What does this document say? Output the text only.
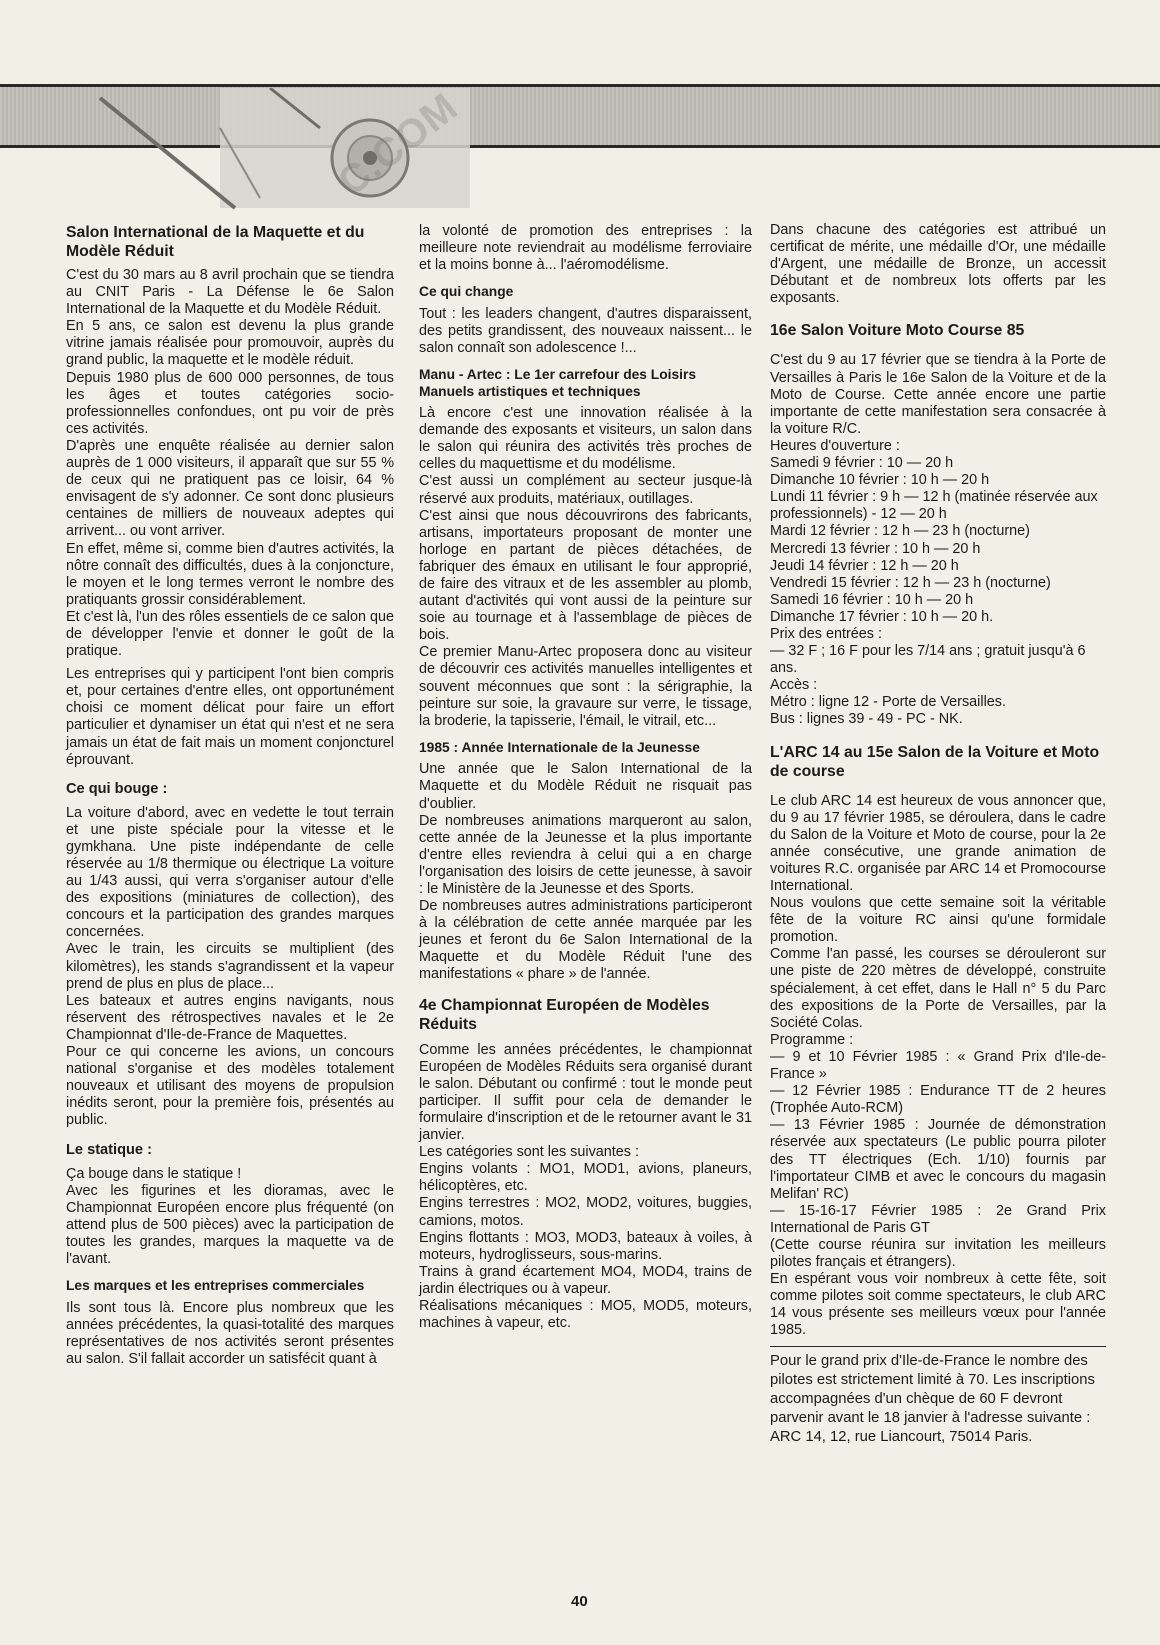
C.COM
Salon International de la Maquette et du Modèle Réduit

C'est du 30 mars au 8 avril prochain que se tiendra au CNIT Paris - La Défense le 6e Salon International de la Maquette et du Modèle Réduit.

En 5 ans, ce salon est devenu la plus grande vitrine jamais réalisée pour promouvoir, auprès du grand public, la maquette et le modèle réduit.

Depuis 1980 plus de 600 000 personnes, de tous les âges et toutes catégories socio-professionnelles confondues, ont pu voir de près ces activités.

D'après une enquête réalisée au dernier salon auprès de 1 000 visiteurs, il apparaît que sur 55 % de ceux qui ne pratiquent pas ce loisir, 64 % envisagent de s'y adonner. Ce sont donc plusieurs centaines de milliers de nouveaux adeptes qui arrivent... ou vont arriver.

En effet, même si, comme bien d'autres activités, la nôtre connaît des difficultés, dues à la conjoncture, le moyen et le long termes verront le nombre des pratiquants grossir considérablement.

Et c'est là, l'un des rôles essentiels de ce salon que de développer l'envie et donner le goût de la pratique.

Les entreprises qui y participent l'ont bien compris et, pour certaines d'entre elles, ont opportunément choisi ce moment délicat pour faire un effort particulier et dynamiser un état qui n'est et ne sera jamais un état de fait mais un moment conjoncturel éprouvant.

Ce qui bouge :

La voiture d'abord, avec en vedette le tout terrain et une piste spéciale pour la vitesse et le gymkhana. Une piste indépendante de celle réservée au 1/8 thermique ou électrique La voiture au 1/43 aussi, qui verra s'organiser autour d'elle des expositions (miniatures de collection), des concours et la participation des grandes marques concernées.

Avec le train, les circuits se multiplient (des kilomètres), les stands s'agrandissent et la vapeur prend de plus en plus de place...

Les bateaux et autres engins navigants, nous réservent des rétrospectives navales et le 2e Championnat d'Ile-de-France de Maquettes.

Pour ce qui concerne les avions, un concours national s'organise et des modèles totalement nouveaux et utilisant des moyens de propulsion inédits seront, pour la première fois, présentés au public.

Le statique :

Ça bouge dans le statique !

Avec les figurines et les dioramas, avec le Championnat Européen encore plus fréquenté (on attend plus de 500 pièces) avec la participation de toutes les grandes, marques la maquette va de l'avant.

Les marques et les entreprises commerciales

Ils sont tous là. Encore plus nombreux que les années précédentes, la quasi-totalité des marques représentatives de nos activités seront présentes au salon. S'il fallait accorder un satisfécit quant à

la volonté de promotion des entreprises : la meilleure note reviendrait au modélisme ferroviaire et la moins bonne à... l'aéromodélisme.

Ce qui change

Tout : les leaders changent, d'autres disparaissent, des petits grandissent, des nouveaux naissent... le salon connaît son adolescence !...

Manu - Artec : Le 1er carrefour des Loisirs Manuels artistiques et techniques

Là encore c'est une innovation réalisée à la demande des exposants et visiteurs, un salon dans le salon qui réunira des activités très proches de celles du maquettisme et du modélisme.

C'est aussi un complément au secteur jusque-là réservé aux produits, matériaux, outillages.

C'est ainsi que nous découvrirons des fabricants, artisans, importateurs proposant de monter une horloge en partant de pièces détachées, de fabriquer des émaux en utilisant le four approprié, de faire des vitraux et de les assembler au plomb, autant d'activités qui vont aussi de la peinture sur soie au tournage et à l'assemblage de pièces de bois.

Ce premier Manu-Artec proposera donc au visiteur de découvrir ces activités manuelles intelligentes et souvent méconnues que sont : la sérigraphie, la peinture sur soie, la gravaure sur verre, le tissage, la broderie, la tapisserie, l'émail, le vitrail, etc...

1985 : Année Internationale de la Jeunesse

Une année que le Salon International de la Maquette et du Modèle Réduit ne risquait pas d'oublier.

De nombreuses animations marqueront au salon, cette année de la Jeunesse et la plus importante d'entre elles reviendra à celui qui a en charge l'organisation des loisirs de cette jeunesse, à savoir : le Ministère de la Jeunesse et des Sports.

De nombreuses autres administrations participeront à la célébration de cette année marquée par les jeunes et feront du 6e Salon International de la Maquette et du Modèle Réduit l'une des manifestations « phare » de l'année.

4e Championnat Européen de Modèles Réduits

Comme les années précédentes, le championnat Européen de Modèles Réduits sera organisé durant le salon. Débutant ou confirmé : tout le monde peut participer. Il suffit pour cela de demander le formulaire d'inscription et de le retourner avant le 31 janvier.

Les catégories sont les suivantes :

Engins volants : MO1, MOD1, avions, planeurs, hélicoptères, etc.

Engins terrestres : MO2, MOD2, voitures, buggies, camions, motos.

Engins flottants : MO3, MOD3, bateaux à voiles, à moteurs, hydroglisseurs, sous-marins.

Trains à grand écartement MO4, MOD4, trains de jardin électriques ou à vapeur.

Réalisations mécaniques : MO5, MOD5, moteurs, machines à vapeur, etc.

Dans chacune des catégories est attribué un certificat de mérite, une médaille d'Or, une médaille d'Argent, une médaille de Bronze, un accessit Débutant et de nombreux lots offerts par les exposants.

16e Salon Voiture Moto Course 85

C'est du 9 au 17 février que se tiendra à la Porte de Versailles à Paris le 16e Salon de la Voiture et de la Moto de Course. Cette année encore une partie importante de cette manifestation sera consacrée à la voiture R/C.

Heures d'ouverture :
Samedi 9 février : 10 — 20 h
Dimanche 10 février : 10 h — 20 h
Lundi 11 février : 9 h — 12 h (matinée réservée aux professionnels) - 12 — 20 h
Mardi 12 février : 12 h — 23 h (nocturne)
Mercredi 13 février : 10 h — 20 h
Jeudi 14 février : 12 h — 20 h
Vendredi 15 février : 12 h — 23 h (nocturne)
Samedi 16 février : 10 h — 20 h
Dimanche 17 février : 10 h — 20 h.
Prix des entrées :
— 32 F ; 16 F pour les 7/14 ans ; gratuit jusqu'à 6 ans.
Accès :
Métro : ligne 12 - Porte de Versailles.
Bus : lignes 39 - 49 - PC - NK.
L'ARC 14 au 15e Salon de la Voiture et Moto de course

Le club ARC 14 est heureux de vous annoncer que, du 9 au 17 février 1985, se déroulera, dans le cadre du Salon de la Voiture et Moto de course, pour la 2e année consécutive, une grande animation de voitures R.C. organisée par ARC 14 et Promocourse International.

Nous voulons que cette semaine soit la véritable fête de la voiture RC ainsi qu'une formidale promotion.

Comme l'an passé, les courses se dérouleront sur une piste de 220 mètres de développé, construite spécialement, à cet effet, dans le Hall n° 5 du Parc des expositions de la Porte de Versailles, par la Société Colas.

Programme :

— 9 et 10 Février 1985 : « Grand Prix d'Ile-de-France »

— 12 Février 1985 : Endurance TT de 2 heures (Trophée Auto-RCM)

— 13 Février 1985 : Journée de démonstration réservée aux spectateurs (Le public pourra piloter des TT électriques (Ech. 1/10) fournis par l'importateur CIMB et avec le concours du magasin Melifan' RC)

— 15-16-17 Février 1985 : 2e Grand Prix International de Paris GT

(Cette course réunira sur invitation les meilleurs pilotes français et étrangers).

En espérant vous voir nombreux à cette fête, soit comme pilotes soit comme spectateurs, le club ARC 14 vous présente ses meilleurs vœux pour l'année 1985.

Pour le grand prix d'Ile-de-France le nombre des pilotes est strictement limité à 70. Les inscriptions accompagnées d'un chèque de 60 F devront parvenir avant le 18 janvier à l'adresse suivante : ARC 14, 12, rue Liancourt, 75014 Paris.

40
